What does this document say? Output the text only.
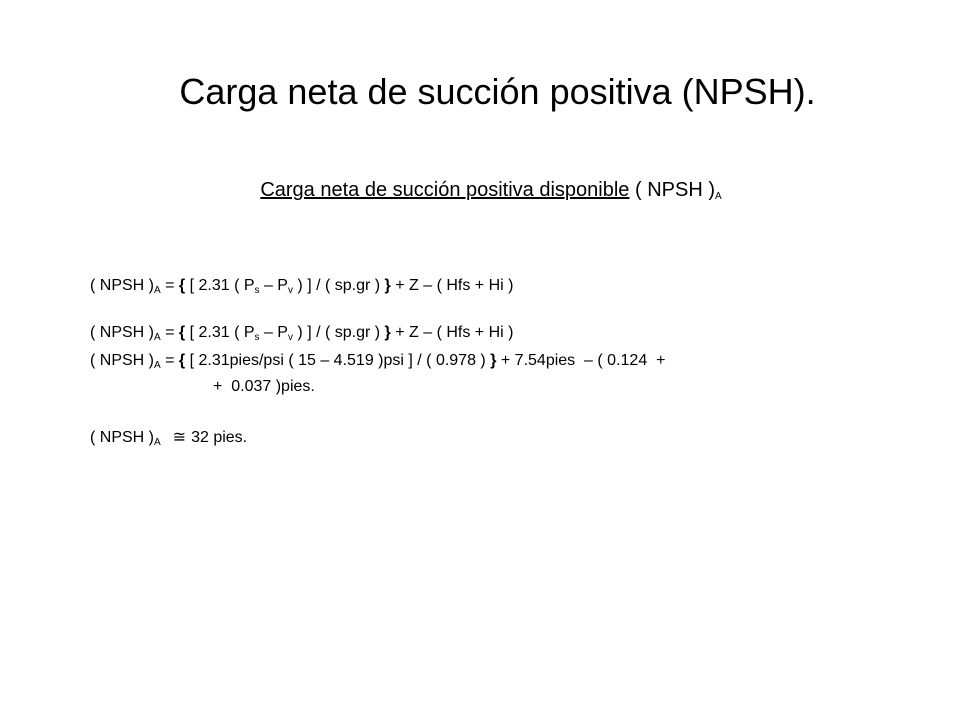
Carga neta de succión positiva (NPSH).
Carga neta de succión positiva disponible ( NPSH )$_A$
( NPSH )$_A$ = { [ 2.31 ( $P_s - P_v$ ) ] / ( sp.gr ) } + Z – ( Hfs + Hi )
( NPSH )$_A$ = { [ 2.31 ( $P_s - P_v$ ) ] / ( sp.gr ) } + Z – ( Hfs + Hi )
( NPSH )$_A$ = { [ 2.31pies/psi ( 15 – 4.519 )psi ] / ( 0.978 ) } + 7.54pies  – ( 0.124  +
+  0.037 )pies.
( NPSH )$_A$ ≅ 32 pies.
